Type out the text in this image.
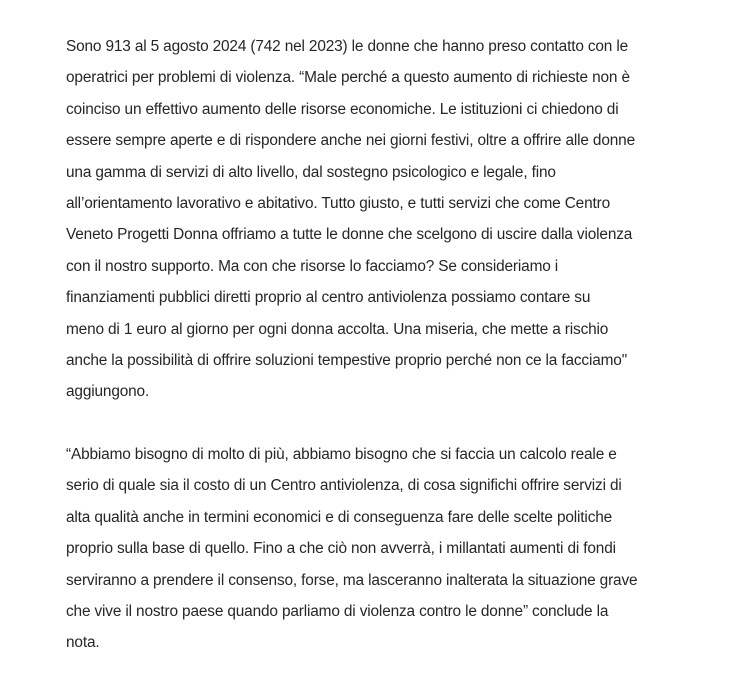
Sono 913 al 5 agosto 2024 (742 nel 2023) le donne che hanno preso contatto con le
operatrici per problemi di violenza. “Male perché a questo aumento di richieste non è
coinciso un effettivo aumento delle risorse economiche. Le istituzioni ci chiedono di
essere sempre aperte e di rispondere anche nei giorni festivi, oltre a offrire alle donne
una gamma di servizi di alto livello, dal sostegno psicologico e legale, fino
all’orientamento lavorativo e abitativo. Tutto giusto, e tutti servizi che come Centro
Veneto Progetti Donna offriamo a tutte le donne che scelgono di uscire dalla violenza
con il nostro supporto. Ma con che risorse lo facciamo? Se consideriamo i
finanziamenti pubblici diretti proprio al centro antiviolenza possiamo contare su
meno di 1 euro al giorno per ogni donna accolta. Una miseria, che mette a rischio
anche la possibilità di offrire soluzioni tempestive proprio perché non ce la facciamo"
aggiungono.

“Abbiamo bisogno di molto di più, abbiamo bisogno che si faccia un calcolo reale e
serio di quale sia il costo di un Centro antiviolenza, di cosa significhi offrire servizi di
alta qualità anche in termini economici e di conseguenza fare delle scelte politiche
proprio sulla base di quello. Fino a che ciò non avverrà, i millantati aumenti di fondi
serviranno a prendere il consenso, forse, ma lasceranno inalterata la situazione grave
che vive il nostro paese quando parliamo di violenza contro le donne” conclude la
nota.
